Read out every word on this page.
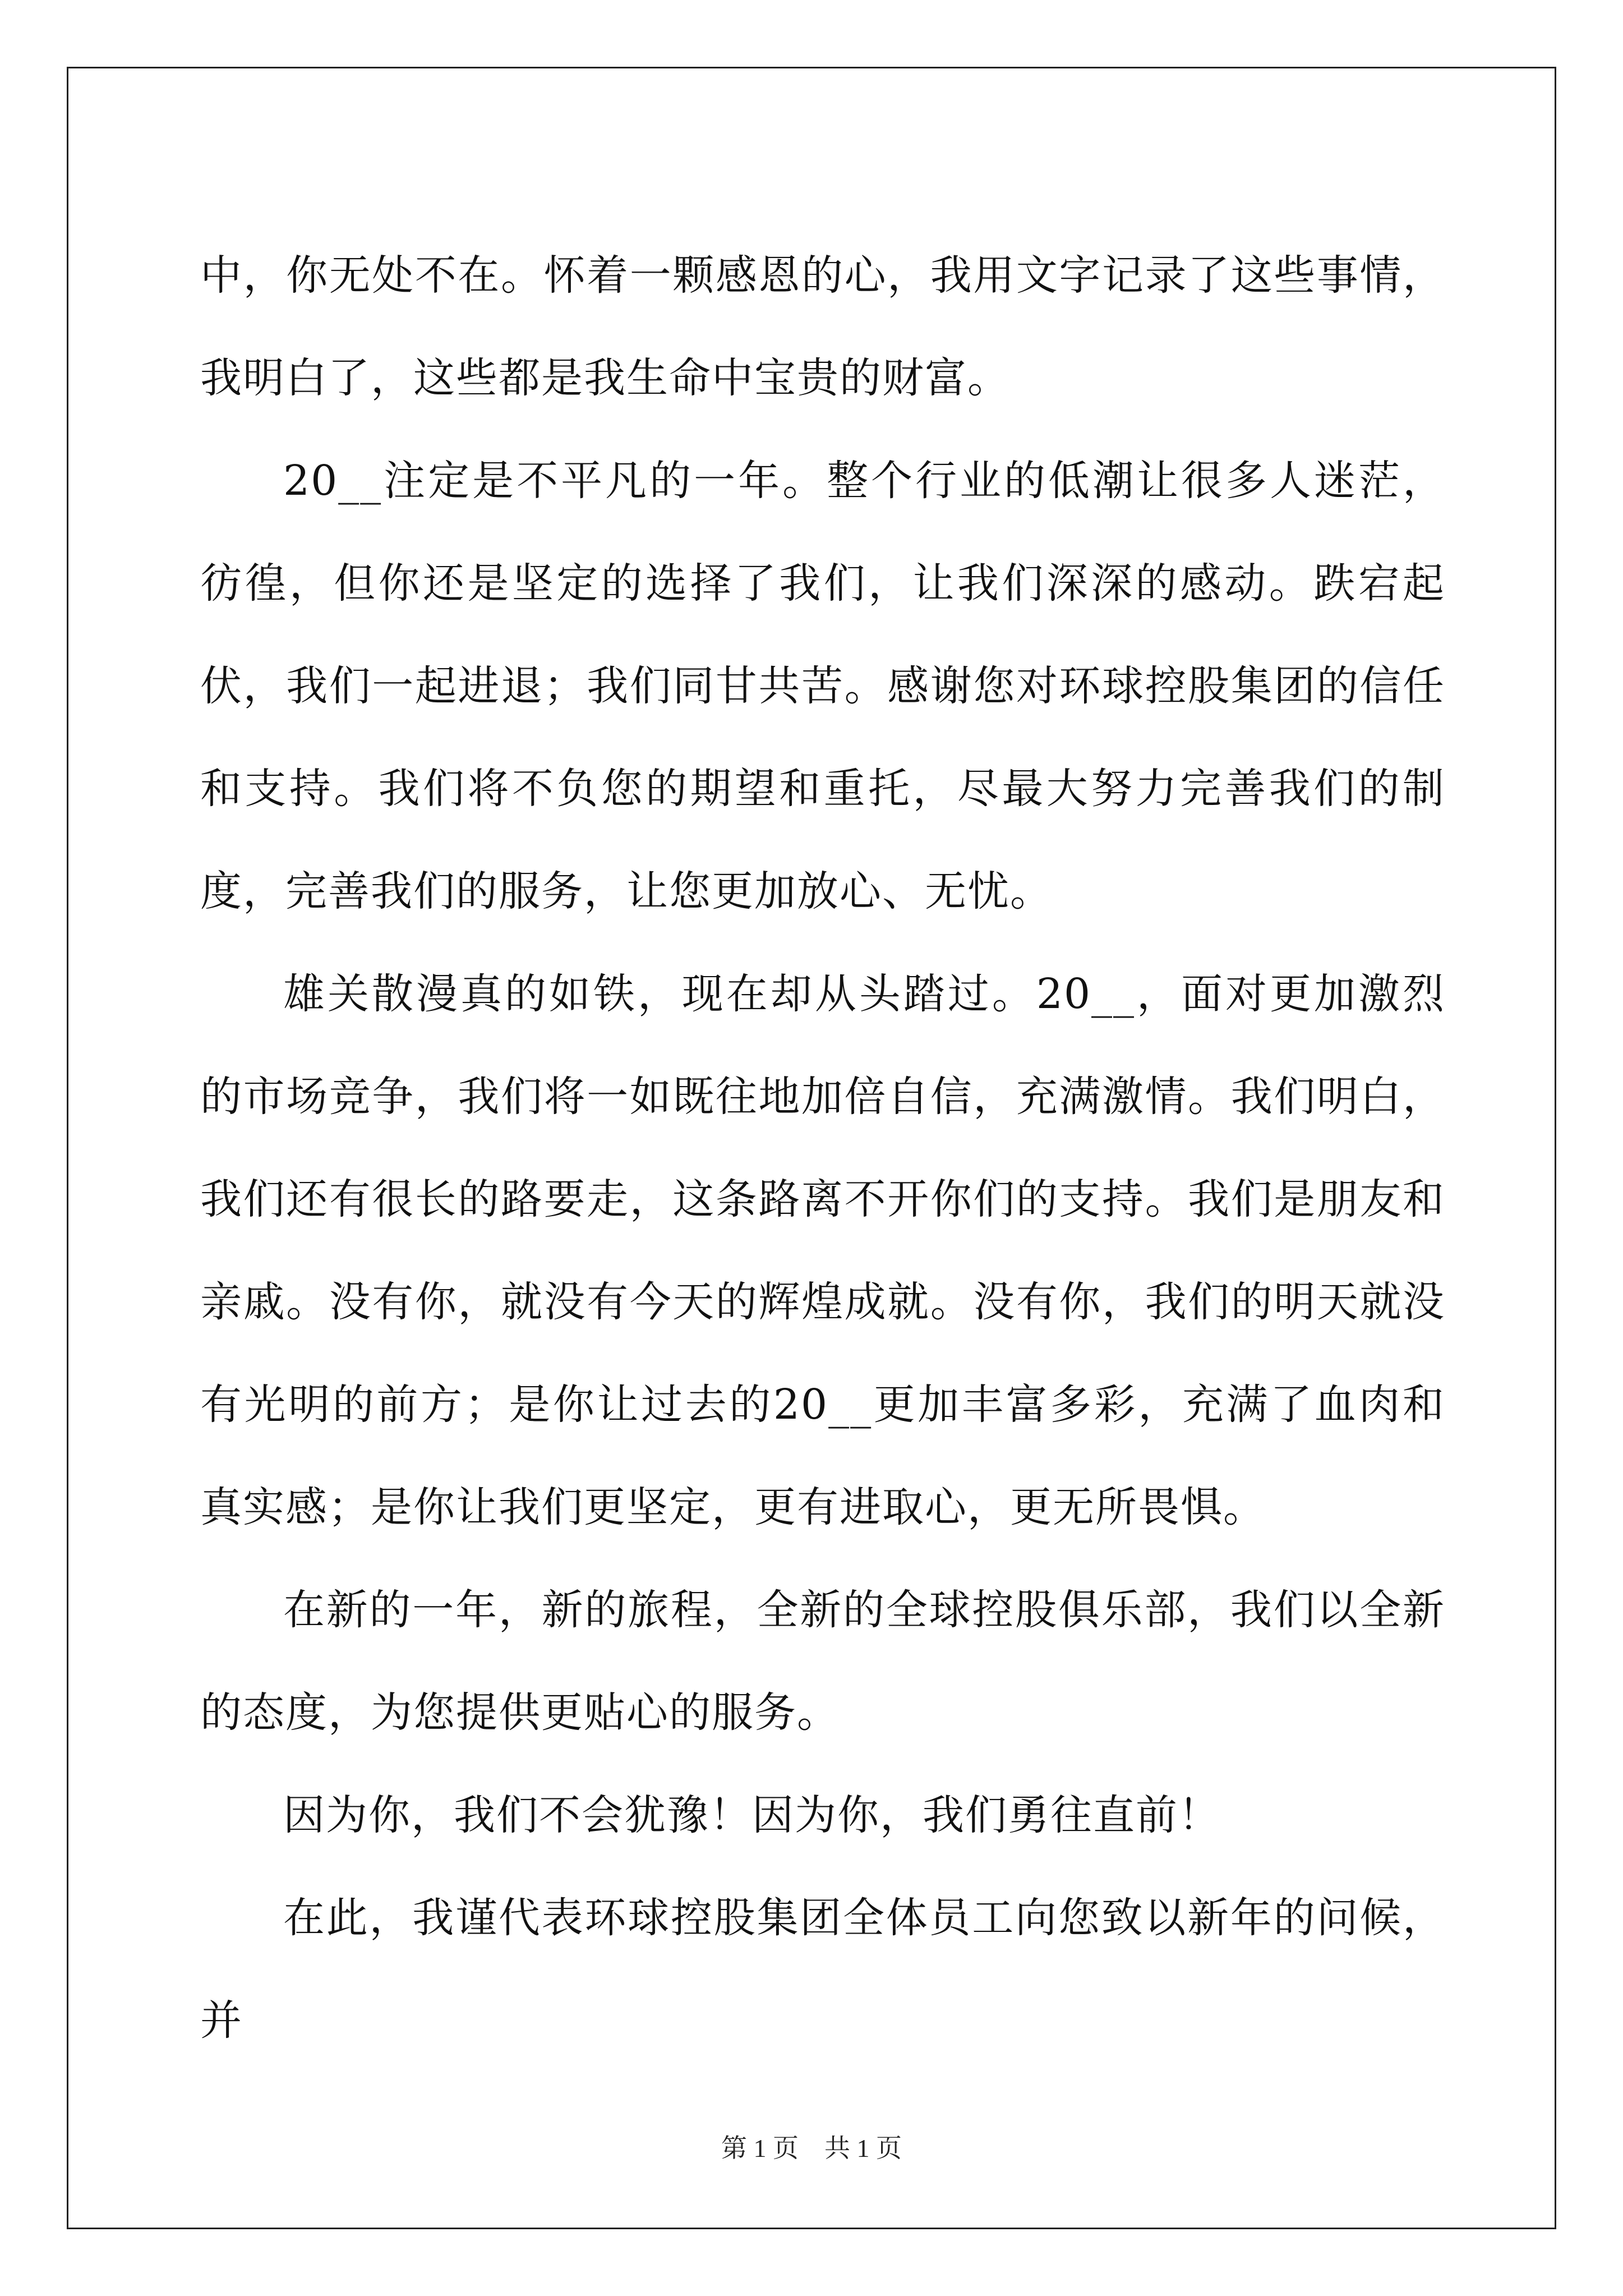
中，你无处不在。怀着一颗感恩的心，我用文字记录了这些事情，我明白了，这些都是我生命中宝贵的财富。

20__注定是不平凡的一年。整个行业的低潮让很多人迷茫，彷徨，但你还是坚定的选择了我们，让我们深深的感动。跌宕起伏，我们一起进退；我们同甘共苦。感谢您对环球控股集团的信任和支持。我们将不负您的期望和重托，尽最大努力完善我们的制度，完善我们的服务，让您更加放心、无忧。

雄关散漫真的如铁，现在却从头踏过。20__，面对更加激烈的市场竞争，我们将一如既往地加倍自信，充满激情。我们明白，我们还有很长的路要走，这条路离不开你们的支持。我们是朋友和亲戚。没有你，就没有今天的辉煌成就。没有你，我们的明天就没有光明的前方；是你让过去的20__更加丰富多彩，充满了血肉和真实感；是你让我们更坚定，更有进取心，更无所畏惧。

在新的一年，新的旅程，全新的全球控股俱乐部，我们以全新的态度，为您提供更贴心的服务。

因为你，我们不会犹豫！因为你，我们勇往直前！

在此，我谨代表环球控股集团全体员工向您致以新年的问候，并

第 1 页　共 1 页
